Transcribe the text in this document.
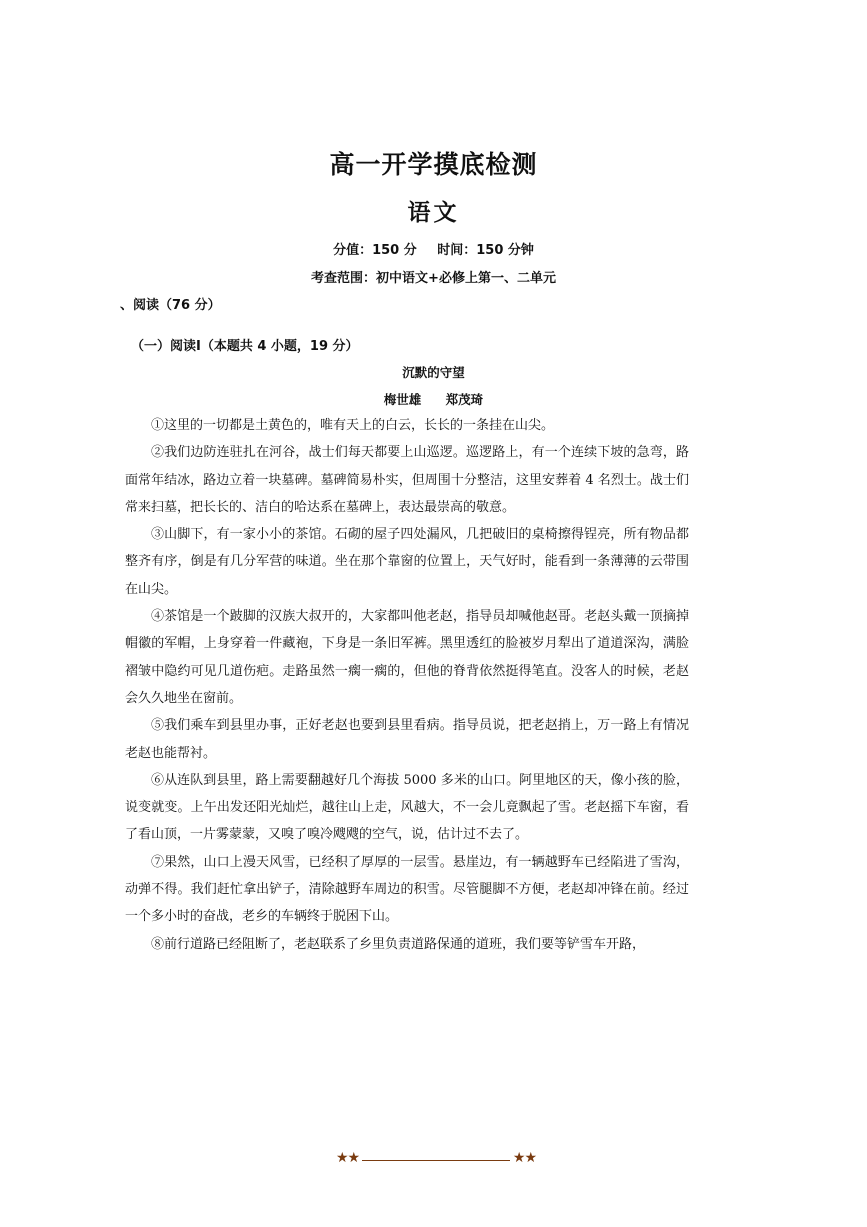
高一开学摸底检测
语文
分值：150 分 时间：150 分钟
考查范围：初中语文+必修上第一、二单元
、阅读（76 分）
（一）阅读Ⅰ（本题共 4 小题，19 分）
沉默的守望
梅世雄 郑茂琦

①这里的一切都是土黄色的，唯有天上的白云，长长的一条挂在山尖。

②我们边防连驻扎在河谷，战士们每天都要上山巡逻。巡逻路上，有一个连续下坡的急弯，路面常年结冰，路边立着一块墓碑。墓碑简易朴实，但周围十分整洁，这里安葬着 4 名烈士。战士们常来扫墓，把长长的、洁白的哈达系在墓碑上，表达最崇高的敬意。

③山脚下，有一家小小的茶馆。石砌的屋子四处漏风，几把破旧的桌椅擦得锃亮，所有物品都整齐有序，倒是有几分军营的味道。坐在那个靠窗的位置上，天气好时，能看到一条薄薄的云带围在山尖。

④茶馆是一个跛脚的汉族大叔开的，大家都叫他老赵，指导员却喊他赵哥。老赵头戴一顶摘掉帽徽的军帽，上身穿着一件藏袍，下身是一条旧军裤。黑里透红的脸被岁月犁出了道道深沟，满脸褶皱中隐约可见几道伤疤。走路虽然一瘸一瘸的，但他的脊背依然挺得笔直。没客人的时候，老赵会久久地坐在窗前。

⑤我们乘车到县里办事，正好老赵也要到县里看病。指导员说，把老赵捎上，万一路上有情况老赵也能帮衬。

⑥从连队到县里，路上需要翻越好几个海拔 5000 多米的山口。阿里地区的天，像小孩的脸，说变就变。上午出发还阳光灿烂，越往山上走，风越大，不一会儿竟飘起了雪。老赵摇下车窗，看了看山顶，一片雾蒙蒙，又嗅了嗅冷飕飕的空气，说，估计过不去了。

⑦果然，山口上漫天风雪，已经积了厚厚的一层雪。悬崖边，有一辆越野车已经陷进了雪沟，动弹不得。我们赶忙拿出铲子，清除越野车周边的积雪。尽管腿脚不方便，老赵却冲锋在前。经过一个多小时的奋战，老乡的车辆终于脱困下山。

⑧前行道路已经阻断了，老赵联系了乡里负责道路保通的道班，我们要等铲雪车开路，

★★	★★
